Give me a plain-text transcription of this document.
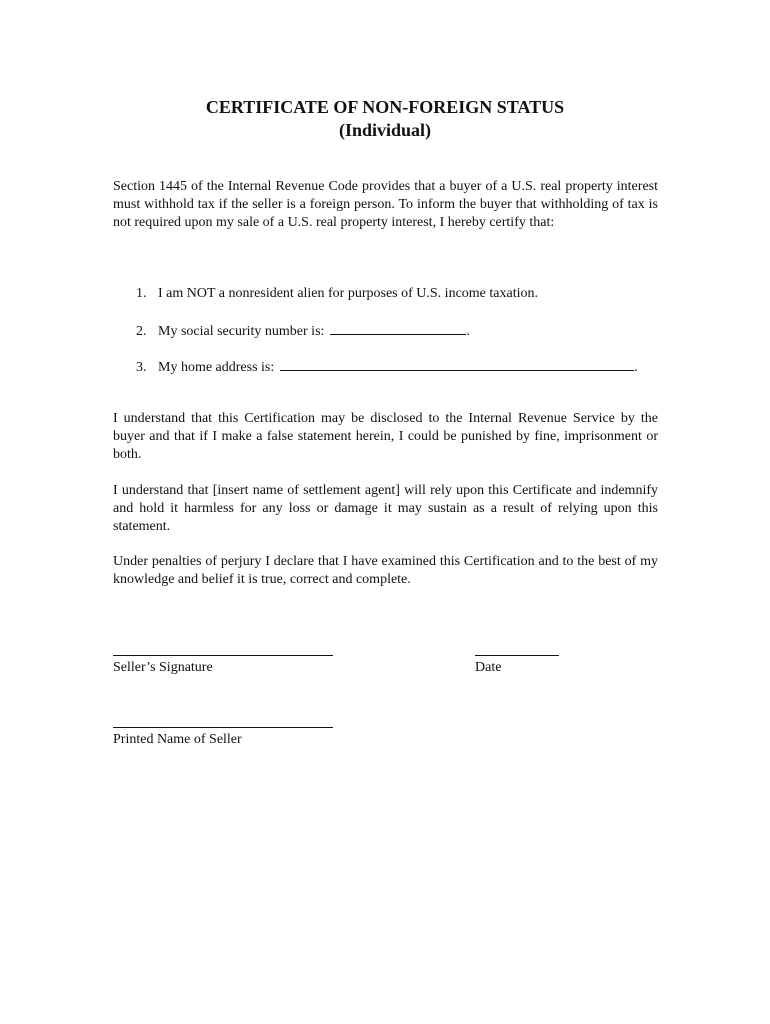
CERTIFICATE OF NON-FOREIGN STATUS
(Individual)
Section 1445 of the Internal Revenue Code provides that a buyer of a U.S. real property interest must withhold tax if the seller is a foreign person. To inform the buyer that withholding of tax is not required upon my sale of a U.S. real property interest, I hereby certify that:
1. I am NOT a nonresident alien for purposes of U.S. income taxation.
2. My social security number is:	.
3. My home address is:	.
I understand that this Certification may be disclosed to the Internal Revenue Service by the buyer and that if I make a false statement herein, I could be punished by fine, imprisonment or both.
I understand that [insert name of settlement agent] will rely upon this Certificate and indemnify and hold it harmless for any loss or damage it may sustain as a result of relying upon this statement.
Under penalties of perjury I declare that I have examined this Certification and to the best of my knowledge and belief it is true, correct and complete.
Seller’s Signature	Date
Printed Name of Seller
